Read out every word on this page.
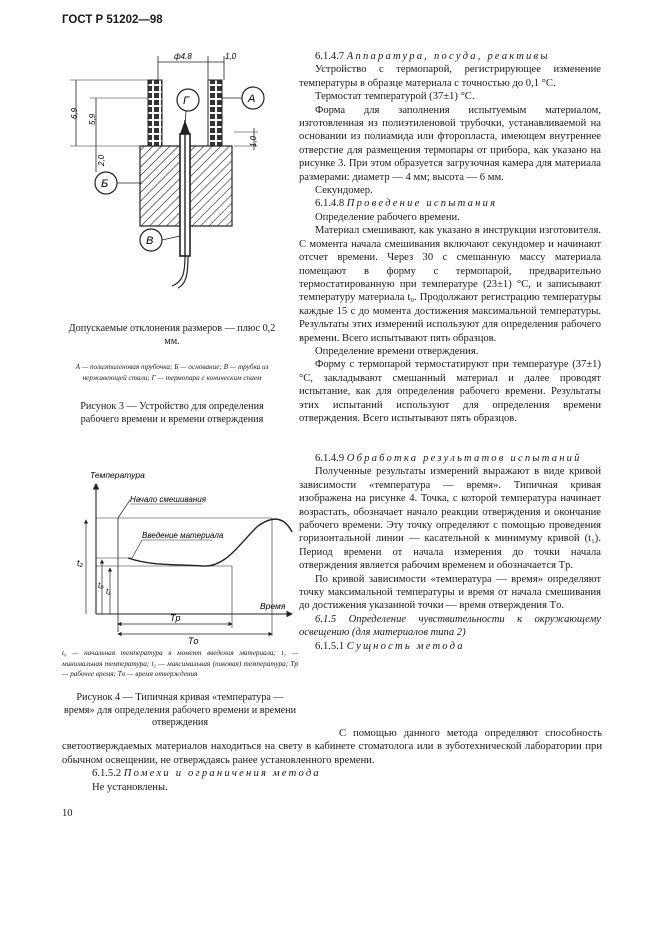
ГОСТ Р 51202—98
ф4,8	1,0
6,9
5,9
2,0
1,0
Г	А
Б
В
Допускаемые отклонения размеров — плюс 0,2 мм.
А — полиэтиленовая трубочка; Б — основание; В — трубка из нержавеющей стали; Г — термопара с коническим спаем
Рисунок 3 — Устройство для определения рабочего времени и времени отверждения
Температура
Время
Начало смешивания
Введение материала
t₂
t₀
t₁
Tр
Tо
t₀ — начальная температура в момент введения материала; t₁ — минимальная температура; t₂ — максимальная (пиковая) температура; Tр — рабочее время; Tо — время отверждения
Рисунок 4 — Типичная кривая «температура — время» для определения рабочего времени и времени отверждения

6.1.4.7 Аппаратура, посуда, реактивы

Устройство с термопарой, регистрирующее изменение температуры в образце материала с точностью до 0,1 °С.

Термостат температурой (37±1) °С.

Форма для заполнения испытуемым материалом, изготовленная из полиэтиленовой трубочки, устанавливаемой на основании из полиамида или фторопласта, имеющем внутреннее отверстие для размещения термопары от прибора, как указано на рисунке 3. При этом образуется загрузочная камера для материала размерами: диаметр — 4 мм; высота — 6 мм.

Секундомер.

6.1.4.8 Проведение испытания

Определение рабочего времени.

Материал смешивают, как указано в инструкции изготовителя. С момента начала смешивания включают секундомер и начинают отсчет времени. Через 30 с смешанную массу материала помещают в форму с термопарой, предварительно термостатированную при температуре (23±1) °С, и записывают температуру материала t₀. Продолжают регистрацию температуры каждые 15 с до момента достижения максимальной температуры. Результаты этих измерений используют для определения рабочего времени. Всего испытывают пять образцов.

Определение времени отверждения.

Форму с термопарой термостатируют при температуре (37±1) °С, закладывают смешанный материал и далее проводят испытание, как для определения рабочего времени. Результаты этих испытаний используют для определения времени отверждения. Всего испытывают пять образцов.

6.1.4.9 Обработка результатов испытаний

Полученные результаты измерений выражают в виде кривой зависимости «температура — время». Типичная кривая изображена на рисунке 4. Точка, с которой температура начинает возрастать, обозначает начало реакции отверждения и окончание рабочего времени. Эту точку определяют с помощью проведения горизонтальной линии — касательной к минимуму кривой (t₁). Период времени от начала измерения до точки начала отверждения является рабочим временем и обозначается Tр.

По кривой зависимости «температура — время» определяют точку максимальной температуры и время от начала смешивания до достижения указанной точки — время отверждения Tо.

6.1.5 Определение чувствительности к окружающему освещению (для материалов типа 2)

6.1.5.1 Сущность метода

С помощью данного метода определяют способность светоотверждаемых материалов находиться на свету в кабинете стоматолога или в зуботехнической лаборатории при обычном освещении, не отверждаясь ранее установленного времени.

6.1.5.2 Помехи и ограничения метода

Не установлены.

10
